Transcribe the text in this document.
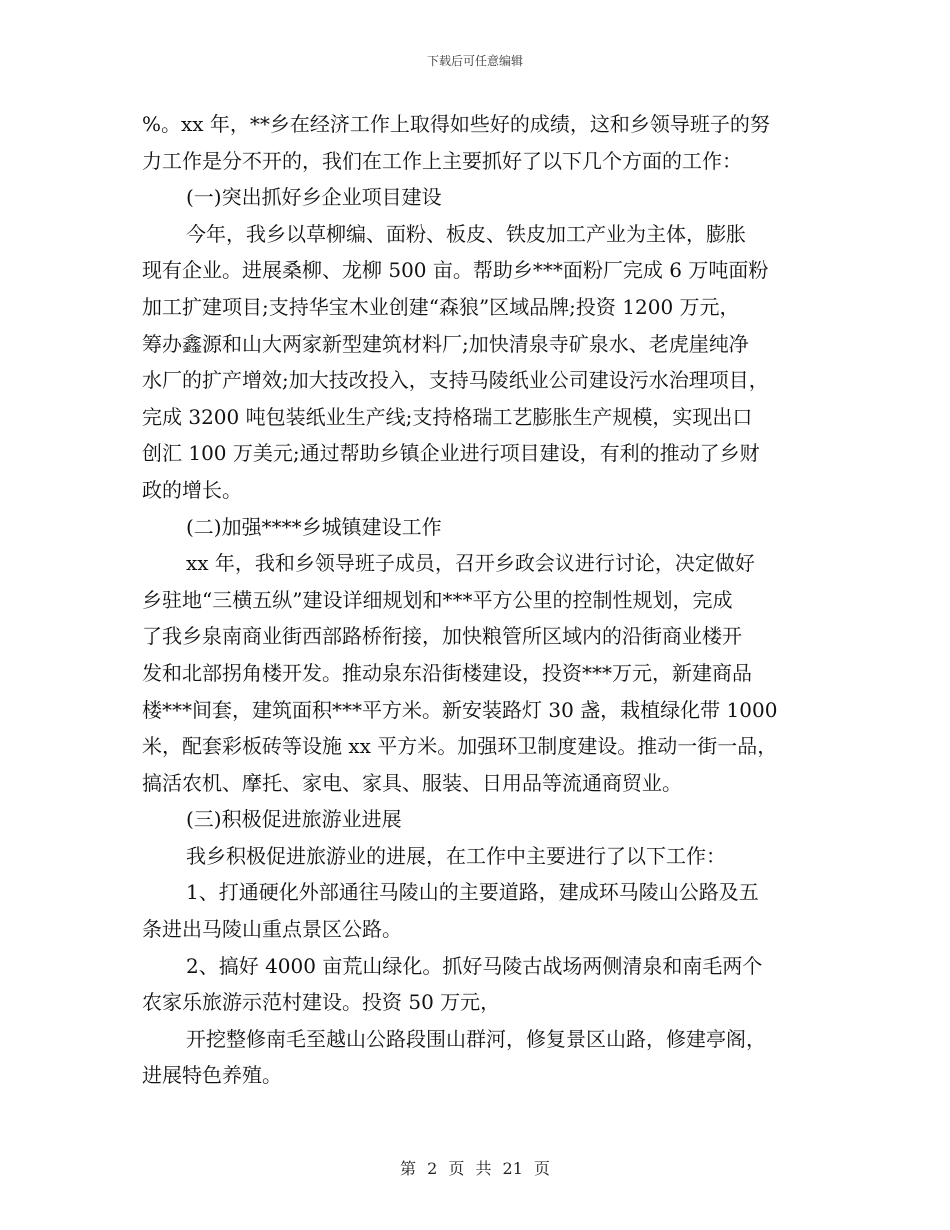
下载后可任意编辑
%。xx 年，**乡在经济工作上取得如些好的成绩，这和乡领导班子的努
力工作是分不开的，我们在工作上主要抓好了以下几个方面的工作：
(一)突出抓好乡企业项目建设
今年，我乡以草柳编、面粉、板皮、铁皮加工产业为主体，膨胀
现有企业。进展桑柳、龙柳 500 亩。帮助乡***面粉厂完成 6 万吨面粉
加工扩建项目;支持华宝木业创建“森狼”区域品牌;投资 1200 万元，
筹办鑫源和山大两家新型建筑材料厂;加快清泉寺矿泉水、老虎崖纯净
水厂的扩产增效;加大技改投入，支持马陵纸业公司建设污水治理项目，
完成 3200 吨包装纸业生产线;支持格瑞工艺膨胀生产规模，实现出口
创汇 100 万美元;通过帮助乡镇企业进行项目建设，有利的推动了乡财
政的增长。
(二)加强****乡城镇建设工作
xx 年，我和乡领导班子成员，召开乡政会议进行讨论，决定做好
乡驻地“三横五纵”建设详细规划和***平方公里的控制性规划，完成
了我乡泉南商业街西部路桥衔接，加快粮管所区域内的沿街商业楼开
发和北部拐角楼开发。推动泉东沿街楼建设，投资***万元，新建商品
楼***间套，建筑面积***平方米。新安装路灯 30 盏，栽植绿化带 1000
米，配套彩板砖等设施 xx 平方米。加强环卫制度建设。推动一街一品，
搞活农机、摩托、家电、家具、服装、日用品等流通商贸业。
(三)积极促进旅游业进展
我乡积极促进旅游业的进展，在工作中主要进行了以下工作：
1、打通硬化外部通往马陵山的主要道路，建成环马陵山公路及五
条进出马陵山重点景区公路。
2、搞好 4000 亩荒山绿化。抓好马陵古战场两侧清泉和南毛两个
农家乐旅游示范村建设。投资 50 万元，
开挖整修南毛至越山公路段围山群河，修复景区山路，修建亭阁，
进展特色养殖。
第 2 页 共 21 页
